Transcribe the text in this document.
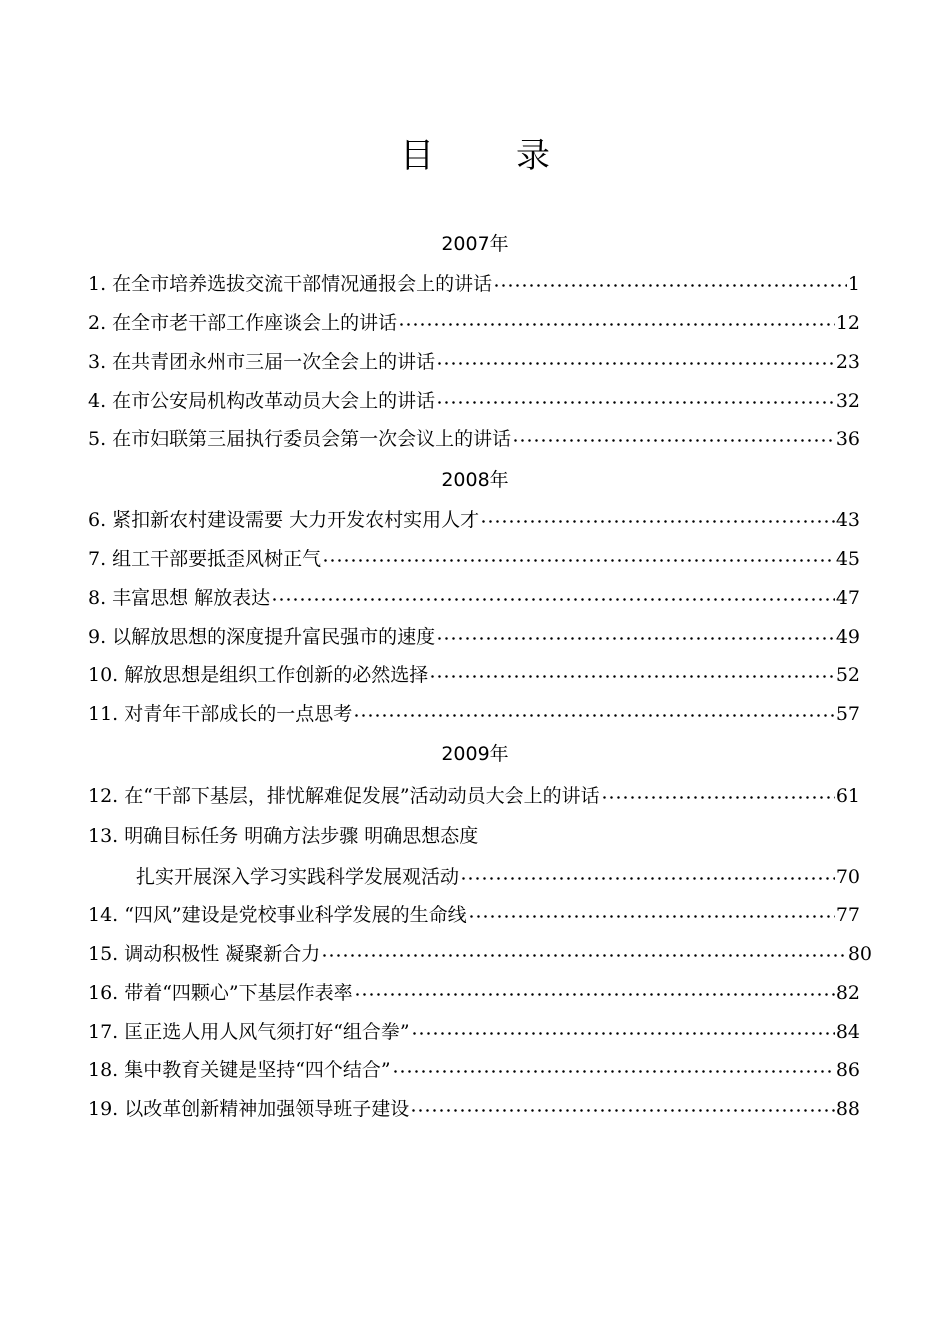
目　录
2007年
1. 在全市培养选拔交流干部情况通报会上的讲话	1
2. 在全市老干部工作座谈会上的讲话	12
3. 在共青团永州市三届一次全会上的讲话	23
4. 在市公安局机构改革动员大会上的讲话	32
5. 在市妇联第三届执行委员会第一次会议上的讲话	36
2008年
6. 紧扣新农村建设需要 大力开发农村实用人才	43
7. 组工干部要抵歪风树正气	45
8. 丰富思想 解放表达	47
9. 以解放思想的深度提升富民强市的速度	49
10. 解放思想是组织工作创新的必然选择	52
11. 对青年干部成长的一点思考	57
2009年
12. 在“干部下基层，排忧解难促发展”活动动员大会上的讲话	61
13. 明确目标任务 明确方法步骤 明确思想态度
扎实开展深入学习实践科学发展观活动	70
14. “四风”建设是党校事业科学发展的生命线	77
15. 调动积极性 凝聚新合力	80
16. 带着“四颗心”下基层作表率	82
17. 匡正选人用人风气须打好“组合拳”	84
18. 集中教育关键是坚持“四个结合”	86
19. 以改革创新精神加强领导班子建设	88
